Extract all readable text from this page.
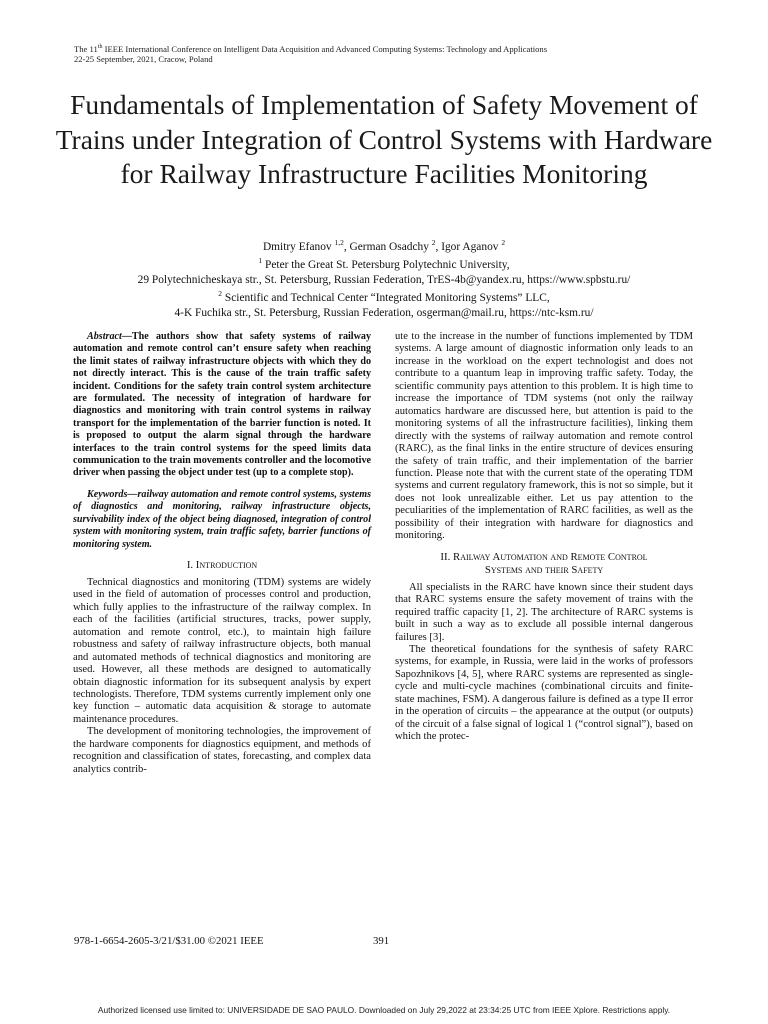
The 11th IEEE International Conference on Intelligent Data Acquisition and Advanced Computing Systems: Technology and Applications
22-25 September, 2021, Cracow, Poland
Fundamentals of Implementation of Safety Movement of Trains under Integration of Control Systems with Hardware for Railway Infrastructure Facilities Monitoring
Dmitry Efanov $^{1,2}$, German Osadchy $^2$, Igor Aganov $^2$
$^1$ Peter the Great St. Petersburg Polytechnic University,
29 Polytechnicheskaya str., St. Petersburg, Russian Federation, TrES-4b@yandex.ru, https://www.spbstu.ru/
$^2$ Scientific and Technical Center “Integrated Monitoring Systems” LLC,
4-K Fuchika str., St. Petersburg, Russian Federation, osgerman@mail.ru, https://ntc-ksm.ru/

Abstract—The authors show that safety systems of railway automation and remote control can’t ensure safety when reaching the limit states of railway infrastructure objects with which they do not directly interact. This is the cause of the train traffic safety incident. Conditions for the safety train control system architecture are formulated. The necessity of integration of hardware for diagnostics and monitoring with train control systems in railway transport for the implementation of the barrier function is noted. It is proposed to output the alarm signal through the hardware interfaces to the train control systems for the speed limits data communication to the train movements controller and the locomotive driver when passing the object under test (up to a complete stop).

Keywords—railway automation and remote control systems, systems of diagnostics and monitoring, railway infrastructure objects, survivability index of the object being diagnosed, integration of control system with monitoring system, train traffic safety, barrier functions of monitoring system.

I. Introduction

Technical diagnostics and monitoring (TDM) systems are widely used in the field of automation of processes control and production, which fully applies to the infrastructure of the railway complex. In each of the facilities (artificial structures, tracks, power supply, automation and remote control, etc.), to maintain high failure robustness and safety of railway infrastructure objects, both manual and automated methods of technical diagnostics and monitoring are used. However, all these methods are designed to automatically obtain diagnostic information for its subsequent analysis by expert technologists. Therefore, TDM systems currently implement only one key function – automatic data acquisition & storage to automate maintenance procedures.

The development of monitoring technologies, the improvement of the hardware components for diagnostics equipment, and methods of recognition and classification of states, forecasting, and complex data analytics contrib-

ute to the increase in the number of functions implemented by TDM systems. A large amount of diagnostic information only leads to an increase in the workload on the expert technologist and does not contribute to a quantum leap in improving traffic safety. Today, the scientific community pays attention to this problem. It is high time to increase the importance of TDM systems (not only the railway automatics hardware are discussed here, but attention is paid to the monitoring systems of all the infrastructure facilities), linking them directly with the systems of railway automation and remote control (RARC), as the final links in the entire structure of devices ensuring the safety of train traffic, and their implementation of the barrier function. Please note that with the current state of the operating TDM systems and current regulatory framework, this is not so simple, but it does not look unrealizable either. Let us pay attention to the peculiarities of the implementation of RARC facilities, as well as the possibility of their integration with hardware for diagnostics and monitoring.

II. Railway Automation and Remote Control
Systems and their Safety

All specialists in the RARC have known since their student days that RARC systems ensure the safety movement of trains with the required traffic capacity [1, 2]. The architecture of RARC systems is built in such a way as to exclude all possible internal dangerous failures [3].

The theoretical foundations for the synthesis of safety RARC systems, for example, in Russia, were laid in the works of professors Sapozhnikovs [4, 5], where RARC systems are represented as single-cycle and multi-cycle machines (combinational circuits and finite-state machines, FSM). A dangerous failure is defined as a type II error in the operation of circuits – the appearance at the output (or outputs) of the circuit of a false signal of logical 1 (“control signal”), based on which the protec-

978-1-6654-2605-3/21/$31.00 ©2021 IEEE	391
Authorized licensed use limited to: UNIVERSIDADE DE SAO PAULO. Downloaded on July 29,2022 at 23:34:25 UTC from IEEE Xplore. Restrictions apply.
